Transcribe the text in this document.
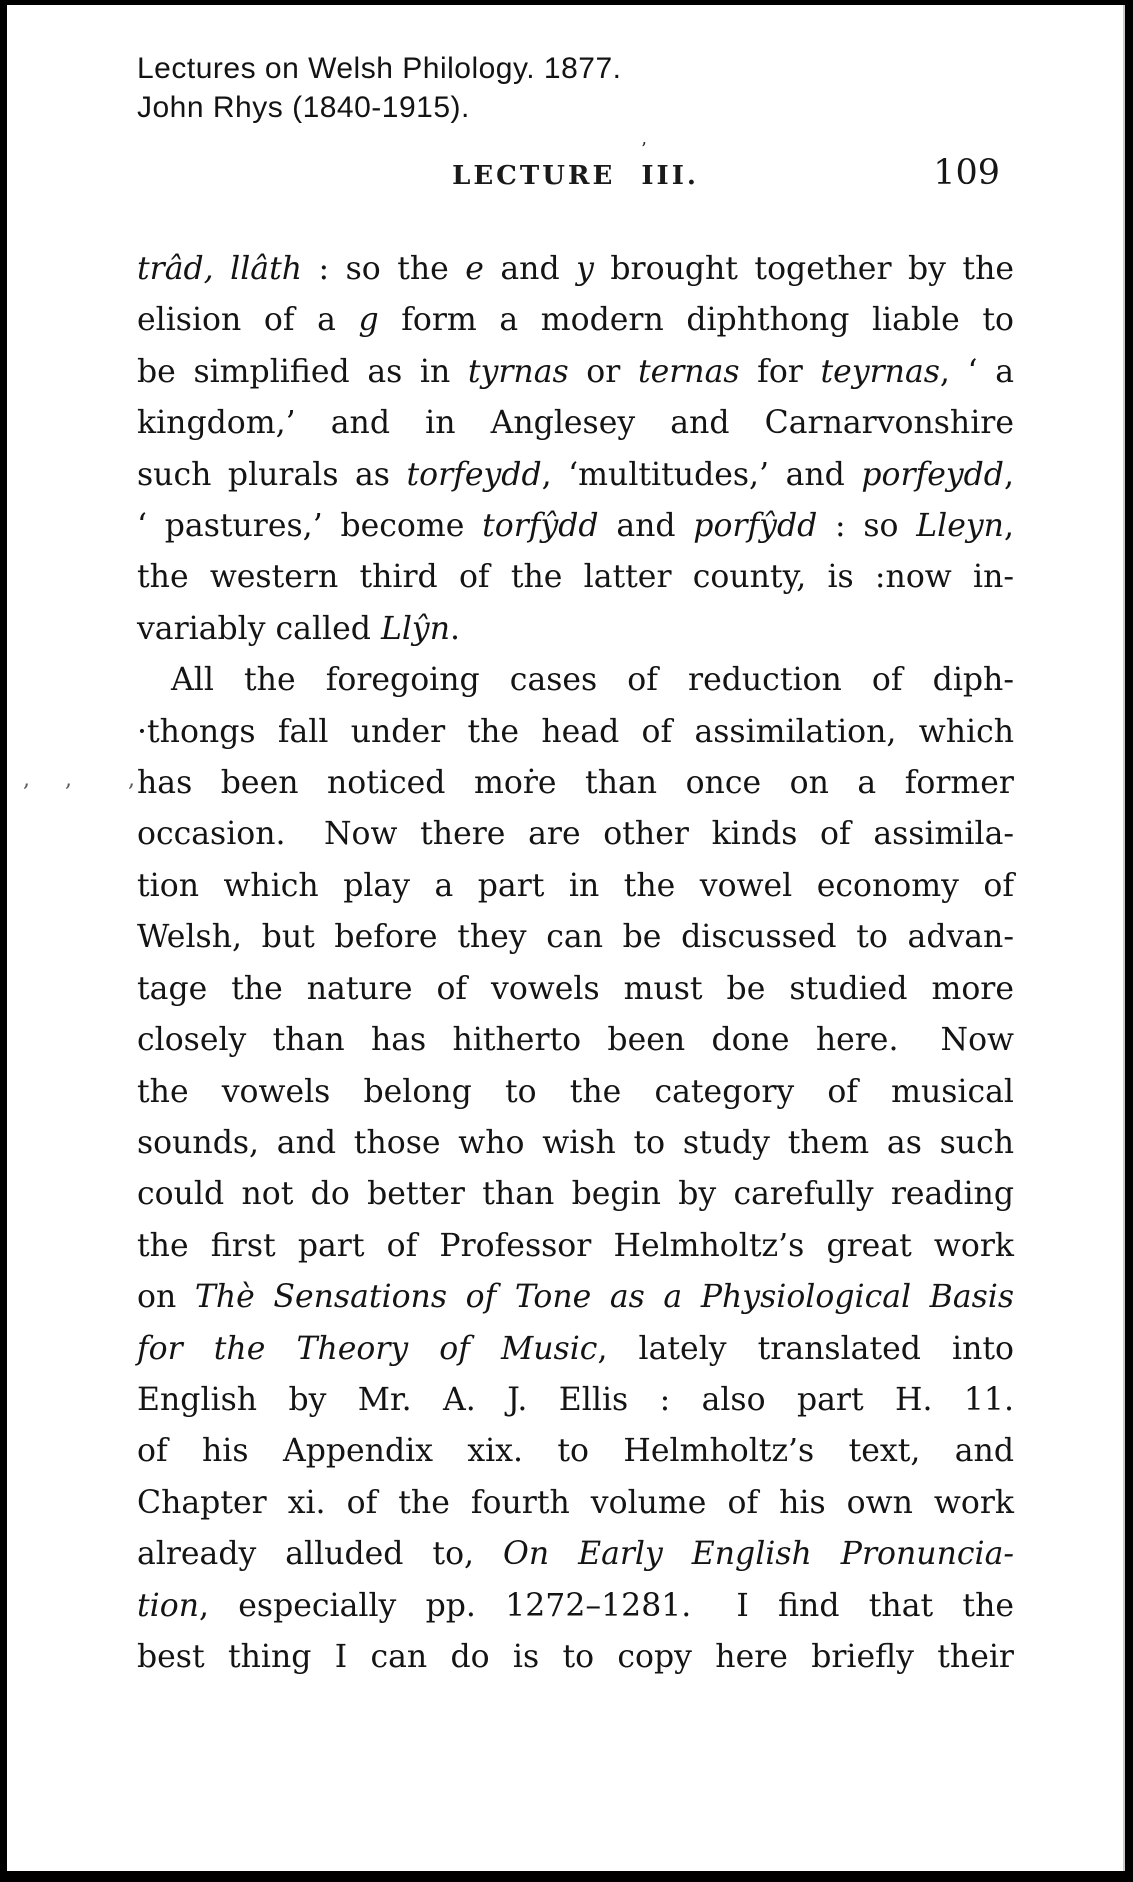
Lectures on Welsh Philology. 1877.
John Rhys (1840-1915).
LECTURE III.
’
109
, ,  ,,
trâd, llâth : so the e and y brought together by the
elision of a g form a modern diphthong liable to
be simplified as in tyrnas or ternas for teyrnas, ‘ a
kingdom,’ and in Anglesey and Carnarvonshire
such plurals as torfeydd, ‘multitudes,’ and porfeydd,
‘ pastures,’ become torfŷdd and porfŷdd : so Lleyn,
the western third of the latter county, is :now in-
variably called Llŷn.
All the foregoing cases of reduction of diph-
·thongs fall under the head of assimilation, which
has been noticed moṙe than once on a former
occasion.  Now there are other kinds of assimila-
tion which play a part in the vowel economy of
Welsh, but before they can be discussed to advan-
tage the nature of vowels must be studied more
closely than has hitherto been done here.  Now
the vowels belong to the category of musical
sounds, and those who wish to study them as such
could not do better than begin by carefully reading
the first part of Professor Helmholtz’s great work
on Thè Sensations of Tone as a Physiological Basis
for the Theory of Music, lately translated into
English by Mr. A. J. Ellis : also part H. 11.
of his Appendix xix. to Helmholtz’s text, and
Chapter xi. of the fourth volume of his own work
already alluded to, On Early English Pronuncia-
tion, especially pp. 1272–1281.  I find that the
best thing I can do is to copy here briefly their
